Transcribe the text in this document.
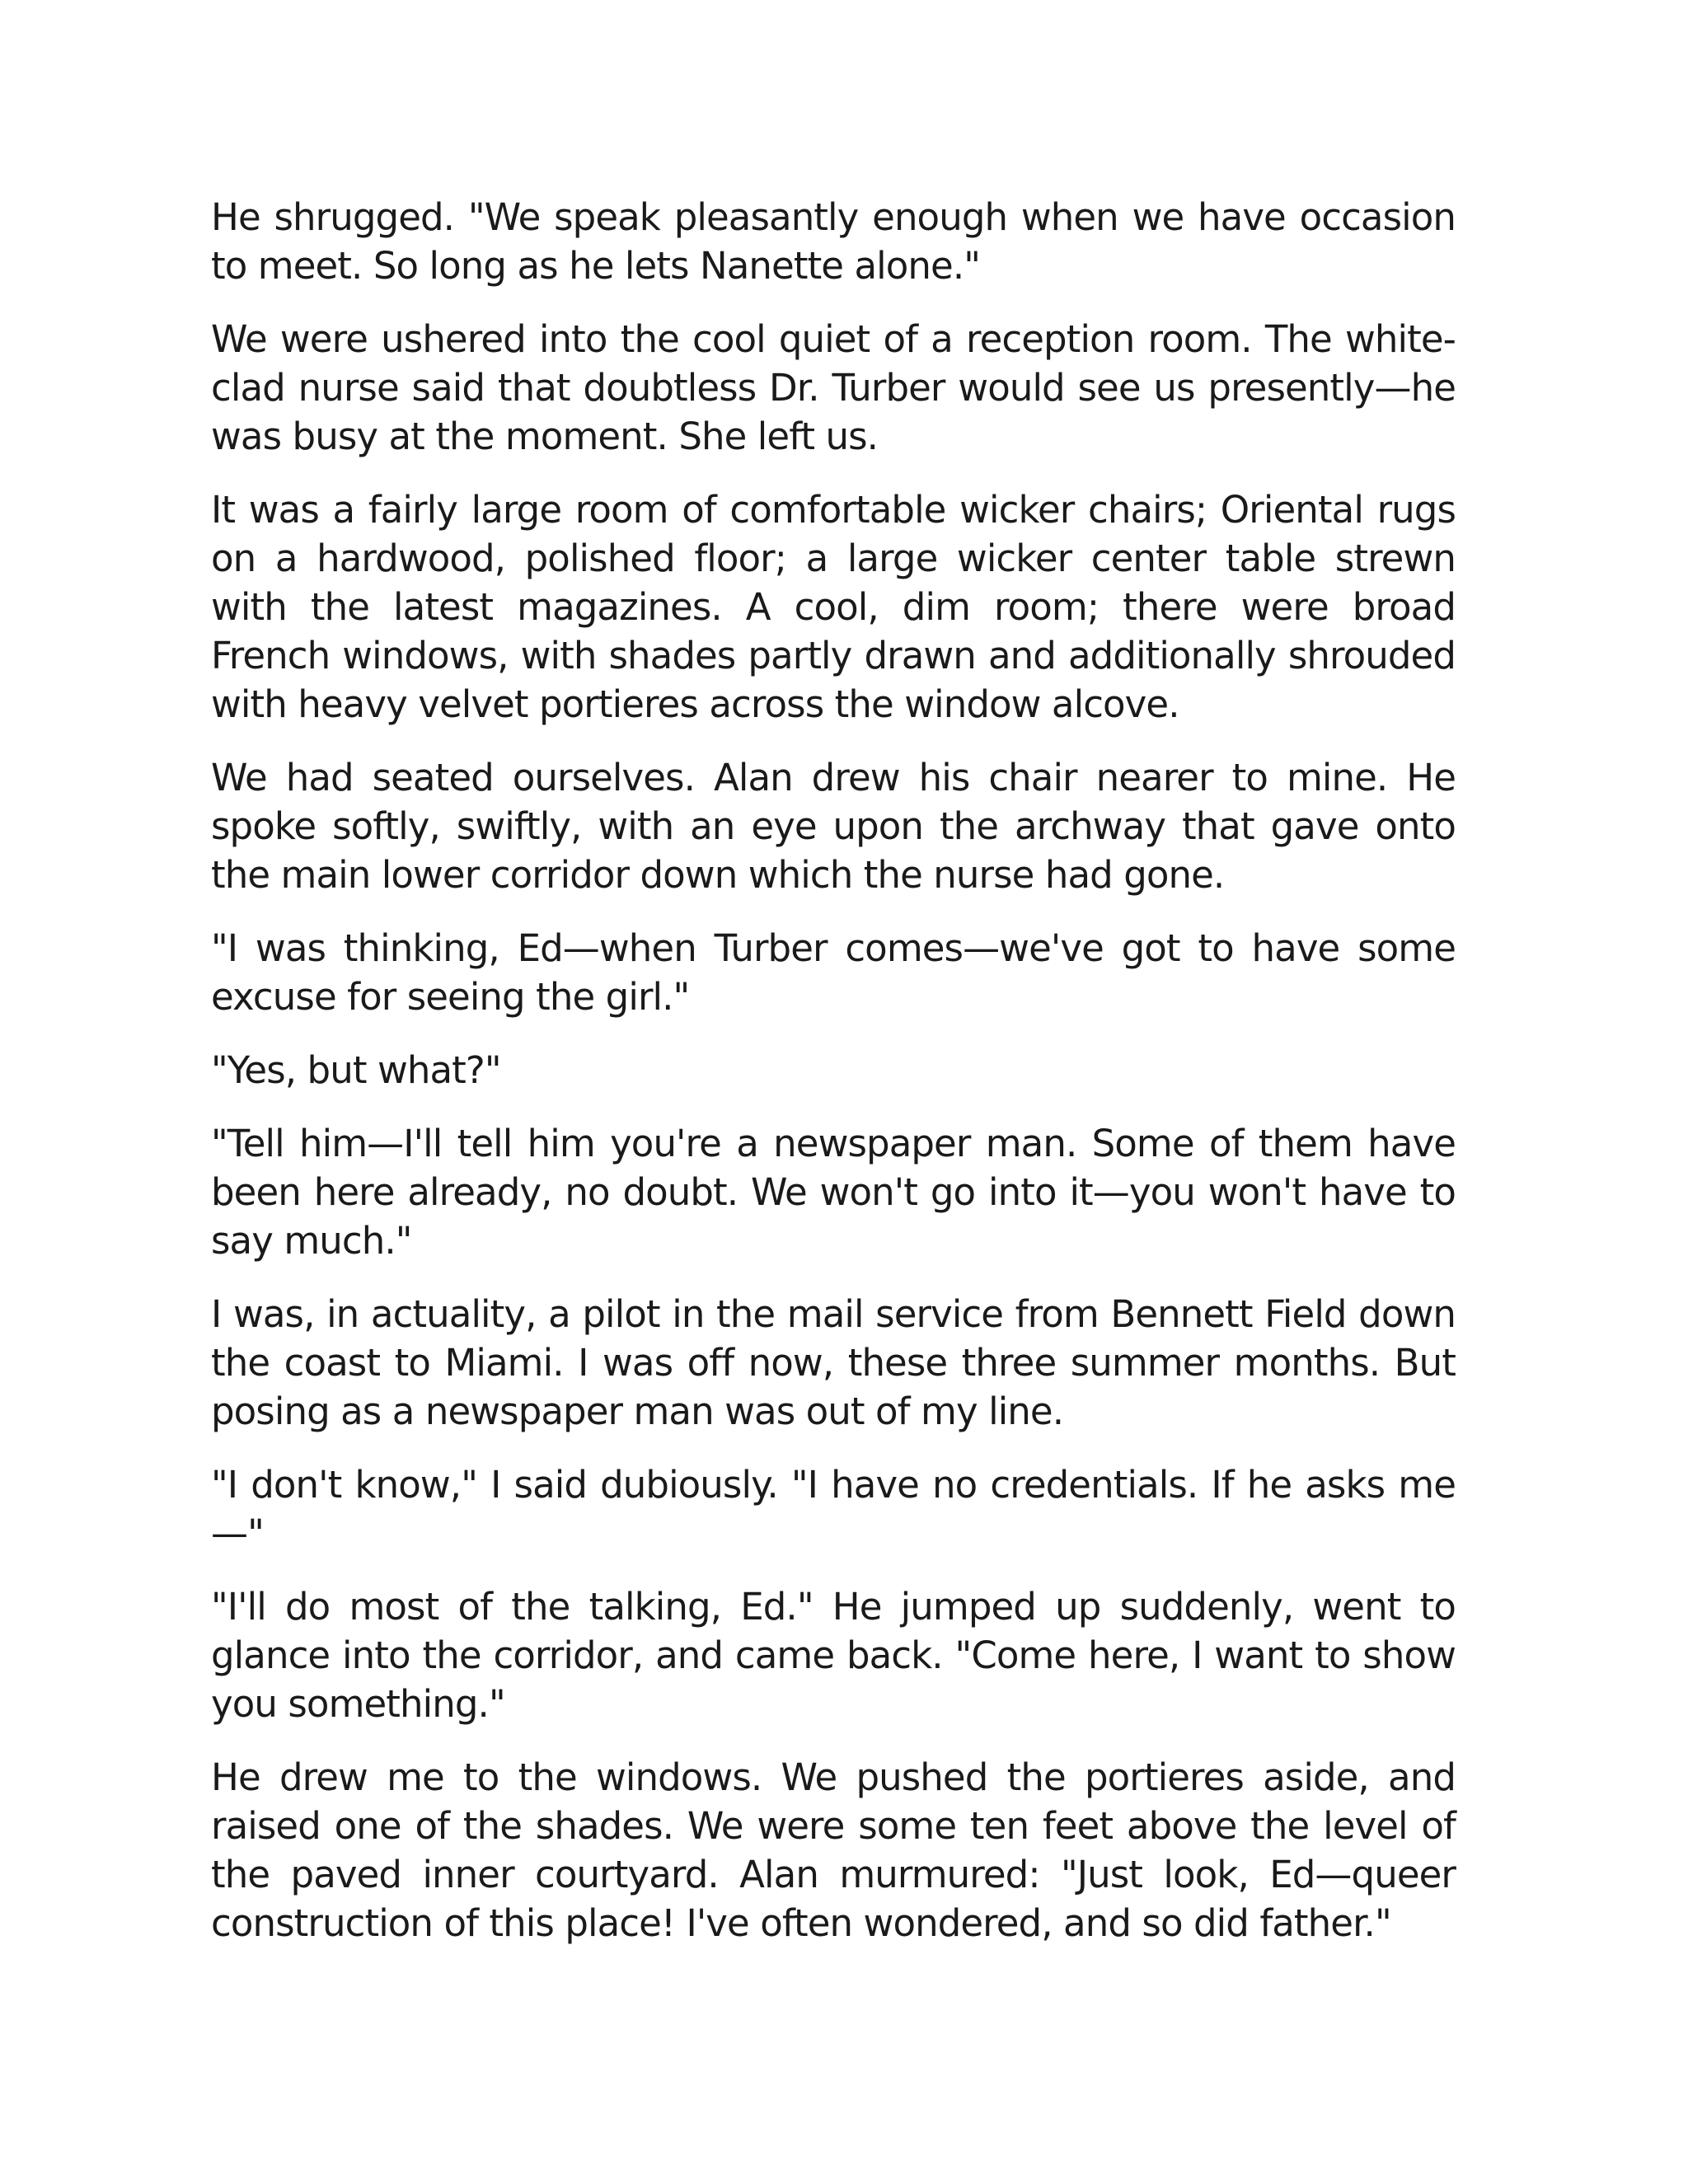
He shrugged. "We speak pleasantly enough when we have occasion to meet. So long as he lets Nanette alone."

We were ushered into the cool quiet of a reception room. The white-clad nurse said that doubtless Dr. Turber would see us presently—he was busy at the moment. She left us.

It was a fairly large room of comfortable wicker chairs; Oriental rugs on a hardwood, polished floor; a large wicker center table strewn with the latest magazines. A cool, dim room; there were broad French windows, with shades partly drawn and additionally shrouded with heavy velvet portieres across the window alcove.

We had seated ourselves. Alan drew his chair nearer to mine. He spoke softly, swiftly, with an eye upon the archway that gave onto the main lower corridor down which the nurse had gone.

"I was thinking, Ed—when Turber comes—we've got to have some excuse for seeing the girl."

"Yes, but what?"

"Tell him—I'll tell him you're a newspaper man. Some of them have been here already, no doubt. We won't go into it—you won't have to say much."

I was, in actuality, a pilot in the mail service from Bennett Field down the coast to Miami. I was off now, these three summer months. But posing as a newspaper man was out of my line.

"I don't know," I said dubiously. "I have no credentials. If he asks me —"

"I'll do most of the talking, Ed." He jumped up suddenly, went to glance into the corridor, and came back. "Come here, I want to show you something."

He drew me to the windows. We pushed the portieres aside, and raised one of the shades. We were some ten feet above the level of the paved inner courtyard. Alan murmured: "Just look, Ed—queer construction of this place! I've often wondered, and so did father."
